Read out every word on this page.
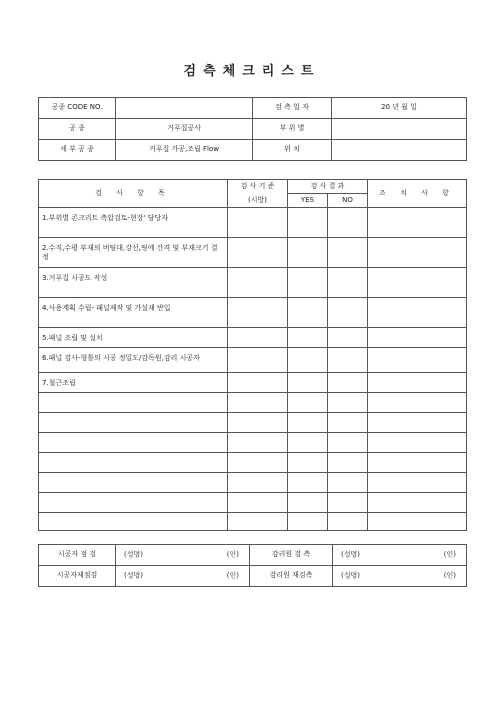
검측체크리스트
공종 CODE NO.		검 측 일 자	20 년 월 일
공 종	거푸집공사	부 위 별	
세 부 공 종	거푸집 가공,조립 Flow	위 치	
검 사 항 목	검 사 기 준	검 사 결 과		조 치 사 항
	(시방)	YES	NO	
1.부위별 콘크리트 측압검토-현장' 담당자				
2.수직,수평 부재의 버팀대,강선,띵에 간격 및 부재크기 결정				
3.거푸집 시공도 작성				
4.사용계획 수립- 패널제작 및 가설재 반입				
5.패널 조립 및 설치				
6.패널 검사-형틀의 시공 정밀도/감독원,감리 시공자				
7.철근조립				

시공자 점 검	(성명) (인)	감리원 검 측	(성명) (인)

시공자재점검	(성명) (인)	감리원 재검측	(성명) (인)
